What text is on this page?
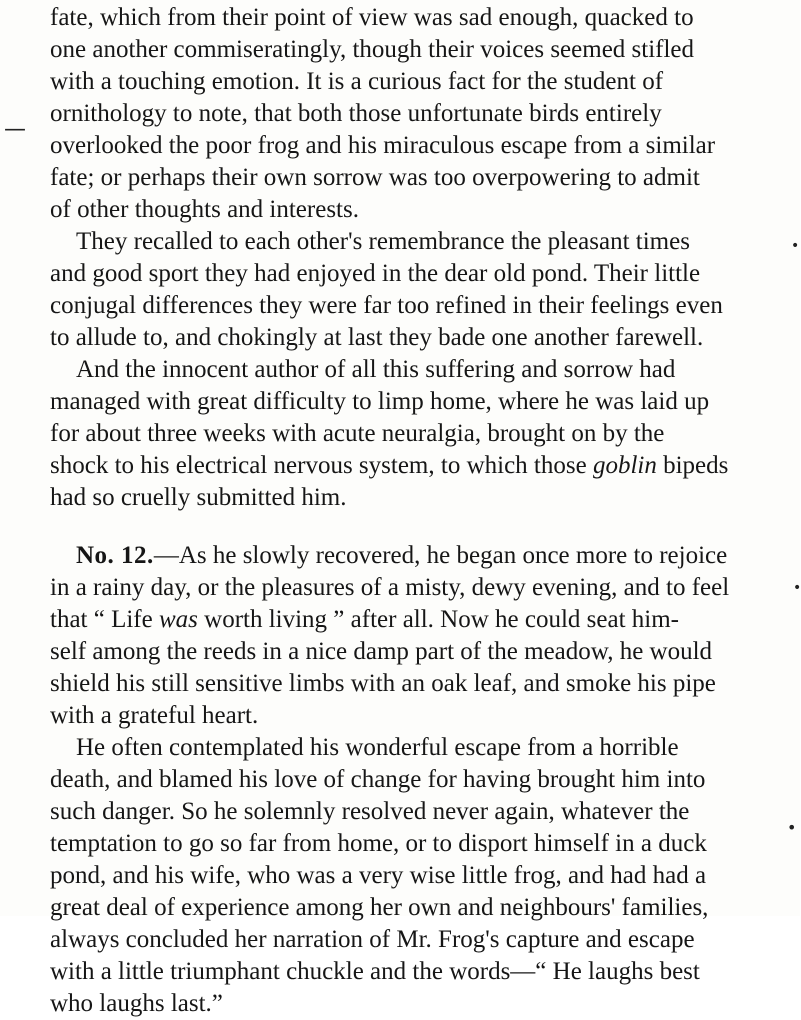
—
•
•
•
fate, which from their point of view was sad enough, quacked to
one another commiseratingly, though their voices seemed stifled
with a touching emotion. It is a curious fact for the student of
ornithology to note, that both those unfortunate birds entirely
overlooked the poor frog and his miraculous escape from a similar
fate; or perhaps their own sorrow was too overpowering to admit
of other thoughts and interests.
They recalled to each other's remembrance the pleasant times
and good sport they had enjoyed in the dear old pond. Their little
conjugal differences they were far too refined in their feelings even
to allude to, and chokingly at last they bade one another farewell.
And the innocent author of all this suffering and sorrow had
managed with great difficulty to limp home, where he was laid up
for about three weeks with acute neuralgia, brought on by the
shock to his electrical nervous system, to which those goblin bipeds
had so cruelly submitted him.
No. 12.—As he slowly recovered, he began once more to rejoice
in a rainy day, or the pleasures of a misty, dewy evening, and to feel
that “ Life was worth living ” after all. Now he could seat him-
self among the reeds in a nice damp part of the meadow, he would
shield his still sensitive limbs with an oak leaf, and smoke his pipe
with a grateful heart.
He often contemplated his wonderful escape from a horrible
death, and blamed his love of change for having brought him into
such danger. So he solemnly resolved never again, whatever the
temptation to go so far from home, or to disport himself in a duck
pond, and his wife, who was a very wise little frog, and had had a
great deal of experience among her own and neighbours' families,
always concluded her narration of Mr. Frog's capture and escape
with a little triumphant chuckle and the words—“ He laughs best
who laughs last.”
